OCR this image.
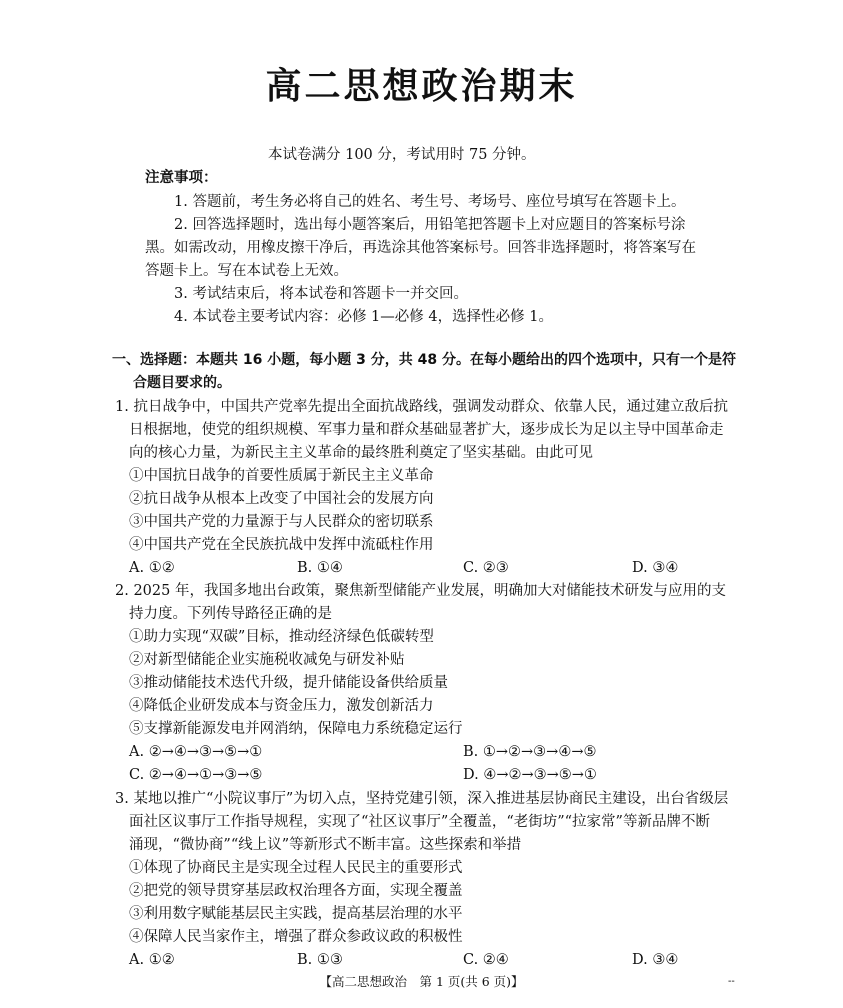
高二思想政治期末
本试卷满分 100 分，考试用时 75 分钟。
注意事项：
1. 答题前，考生务必将自己的姓名、考生号、考场号、座位号填写在答题卡上。
2. 回答选择题时，选出每小题答案后，用铅笔把答题卡上对应题目的答案标号涂
黑。如需改动，用橡皮擦干净后，再选涂其他答案标号。回答非选择题时，将答案写在
答题卡上。写在本试卷上无效。
3. 考试结束后，将本试卷和答题卡一并交回。
4. 本试卷主要考试内容：必修 1—必修 4，选择性必修 1。
一、选择题：本题共 16 小题，每小题 3 分，共 48 分。在每小题给出的四个选项中，只有一个是符
合题目要求的。
1. 抗日战争中，中国共产党率先提出全面抗战路线，强调发动群众、依靠人民，通过建立敌后抗
日根据地，使党的组织规模、军事力量和群众基础显著扩大，逐步成长为足以主导中国革命走
向的核心力量，为新民主主义革命的最终胜利奠定了坚实基础。由此可见
①中国抗日战争的首要性质属于新民主主义革命
②抗日战争从根本上改变了中国社会的发展方向
③中国共产党的力量源于与人民群众的密切联系
④中国共产党在全民族抗战中发挥中流砥柱作用
A. ①②	B. ①④	C. ②③	D. ③④
2. 2025 年，我国多地出台政策，聚焦新型储能产业发展，明确加大对储能技术研发与应用的支
持力度。下列传导路径正确的是
①助力实现“双碳”目标，推动经济绿色低碳转型
②对新型储能企业实施税收减免与研发补贴
③推动储能技术迭代升级，提升储能设备供给质量
④降低企业研发成本与资金压力，激发创新活力
⑤支撑新能源发电并网消纳，保障电力系统稳定运行
A. ②→④→③→⑤→①	B. ①→②→③→④→⑤
C. ②→④→①→③→⑤	D. ④→②→③→⑤→①
3. 某地以推广“小院议事厅”为切入点，坚持党建引领，深入推进基层协商民主建设，出台省级层
面社区议事厅工作指导规程，实现了“社区议事厅”全覆盖，“老街坊”“拉家常”等新品牌不断
涌现，“微协商”“线上议”等新形式不断丰富。这些探索和举措
①体现了协商民主是实现全过程人民民主的重要形式
②把党的领导贯穿基层政权治理各方面，实现全覆盖
③利用数字赋能基层民主实践，提高基层治理的水平
④保障人民当家作主，增强了群众参政议政的积极性
A. ①②	B. ①③	C. ②④	D. ③④
【高二思想政治　第 1 页(共 6 页)】	--
